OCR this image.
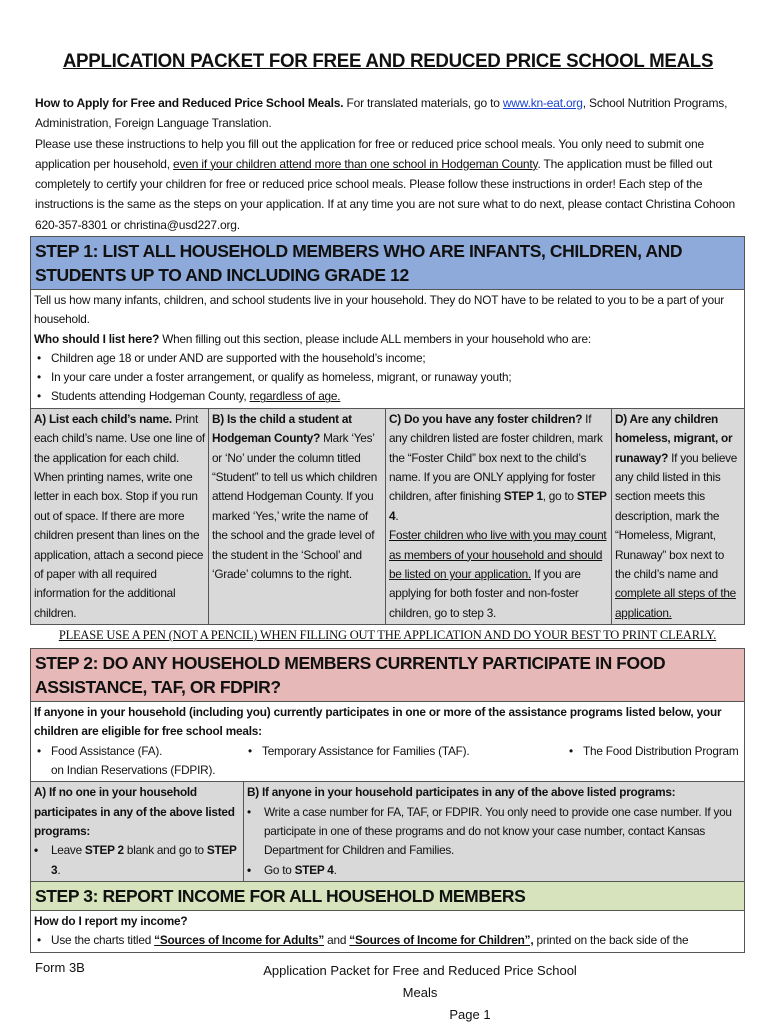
APPLICATION PACKET FOR FREE AND REDUCED PRICE SCHOOL MEALS
How to Apply for Free and Reduced Price School Meals. For translated materials, go to www.kn-eat.org, School Nutrition Programs, Administration, Foreign Language Translation.
Please use these instructions to help you fill out the application for free or reduced price school meals. You only need to submit one application per household, even if your children attend more than one school in Hodgeman County. The application must be filled out completely to certify your children for free or reduced price school meals. Please follow these instructions in order! Each step of the instructions is the same as the steps on your application. If at any time you are not sure what to do next, please contact Christina Cohoon 620-357-8301 or christina@usd227.org.
STEP 1: LIST ALL HOUSEHOLD MEMBERS WHO ARE INFANTS, CHILDREN, AND STUDENTS UP TO AND INCLUDING GRADE 12
Tell us how many infants, children, and school students live in your household. They do NOT have to be related to you to be a part of your household.
Who should I list here? When filling out this section, please include ALL members in your household who are:
• Children age 18 or under AND are supported with the household’s income;
• In your care under a foster arrangement, or qualify as homeless, migrant, or runaway youth;
• Students attending Hodgeman County, regardless of age.
A) List each child’s name. Print each child’s name. Use one line of the application for each child. When printing names, write one letter in each box. Stop if you run out of space. If there are more children present than lines on the application, attach a second piece of paper with all required information for the additional children.
B) Is the child a student at Hodgeman County? Mark ‘Yes’ or ‘No’ under the column titled “Student” to tell us which children attend Hodgeman County. If you marked ‘Yes,’ write the name of the school and the grade level of the student in the ‘School’ and ‘Grade’ columns to the right.
C) Do you have any foster children? If any children listed are foster children, mark the “Foster Child” box next to the child’s name. If you are ONLY applying for foster children, after finishing STEP 1, go to STEP 4.
Foster children who live with you may count as members of your household and should be listed on your application. If you are applying for both foster and non-foster children, go to step 3.
D) Are any children homeless, migrant, or runaway? If you believe any child listed in this section meets this description, mark the “Homeless, Migrant, Runaway” box next to the child’s name and complete all steps of the application.
PLEASE USE A PEN (NOT A PENCIL) WHEN FILLING OUT THE APPLICATION AND DO YOUR BEST TO PRINT CLEARLY.
STEP 2: DO ANY HOUSEHOLD MEMBERS CURRENTLY PARTICIPATE IN FOOD ASSISTANCE, TAF, OR FDPIR?
If anyone in your household (including you) currently participates in one or more of the assistance programs listed below, your children are eligible for free school meals:
• Food Assistance (FA).	• Temporary Assistance for Families (TAF).	• The Food Distribution Program
on Indian Reservations (FDPIR).
A) If no one in your household participates in any of the above listed programs:
•	Leave STEP 2 blank and go to STEP 3.
B) If anyone in your household participates in any of the above listed programs:
•	Write a case number for FA, TAF, or FDPIR. You only need to provide one case number. If you participate in one of these programs and do not know your case number, contact Kansas Department for Children and Families.
•	Go to STEP 4.
STEP 3: REPORT INCOME FOR ALL HOUSEHOLD MEMBERS
How do I report my income?
• Use the charts titled “Sources of Income for Adults” and “Sources of Income for Children”, printed on the back side of the
Form 3B	Application Packet for Free and Reduced Price School Meals
Page 1
